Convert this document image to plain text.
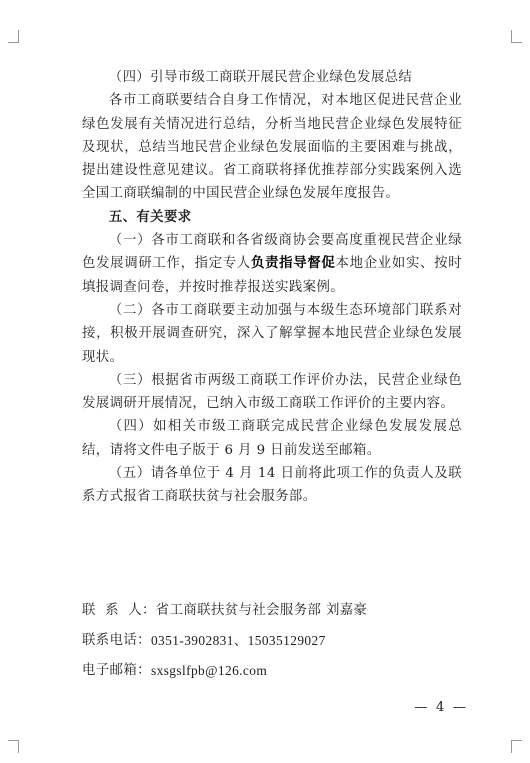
（四）引导市级工商联开展民营企业绿色发展总结

各市工商联要结合自身工作情况，对本地区促进民营企业绿色发展有关情况进行总结，分析当地民营企业绿色发展特征及现状，总结当地民营企业绿色发展面临的主要困难与挑战，提出建设性意见建议。省工商联将择优推荐部分实践案例入选全国工商联编制的中国民营企业绿色发展年度报告。

五、有关要求

（一）各市工商联和各省级商协会要高度重视民营企业绿色发展调研工作，指定专人负责指导督促本地企业如实、按时填报调查问卷，并按时推荐报送实践案例。

（二）各市工商联要主动加强与本级生态环境部门联系对接，积极开展调查研究，深入了解掌握本地民营企业绿色发展现状。

（三）根据省市两级工商联工作评价办法，民营企业绿色发展调研开展情况，已纳入市级工商联工作评价的主要内容。

（四）如相关市级工商联完成民营企业绿色发展发展总结，请将文件电子版于 6 月 9 日前发送至邮箱。

（五）请各单位于 4 月 14 日前将此项工作的负责人及联系方式报省工商联扶贫与社会服务部。

联  系  人： 省工商联扶贫与社会服务部 刘嘉豪
联系电话： 0351-3902831、15035129027
电子邮箱： sxsgslfpb@126.com
— 4 —
